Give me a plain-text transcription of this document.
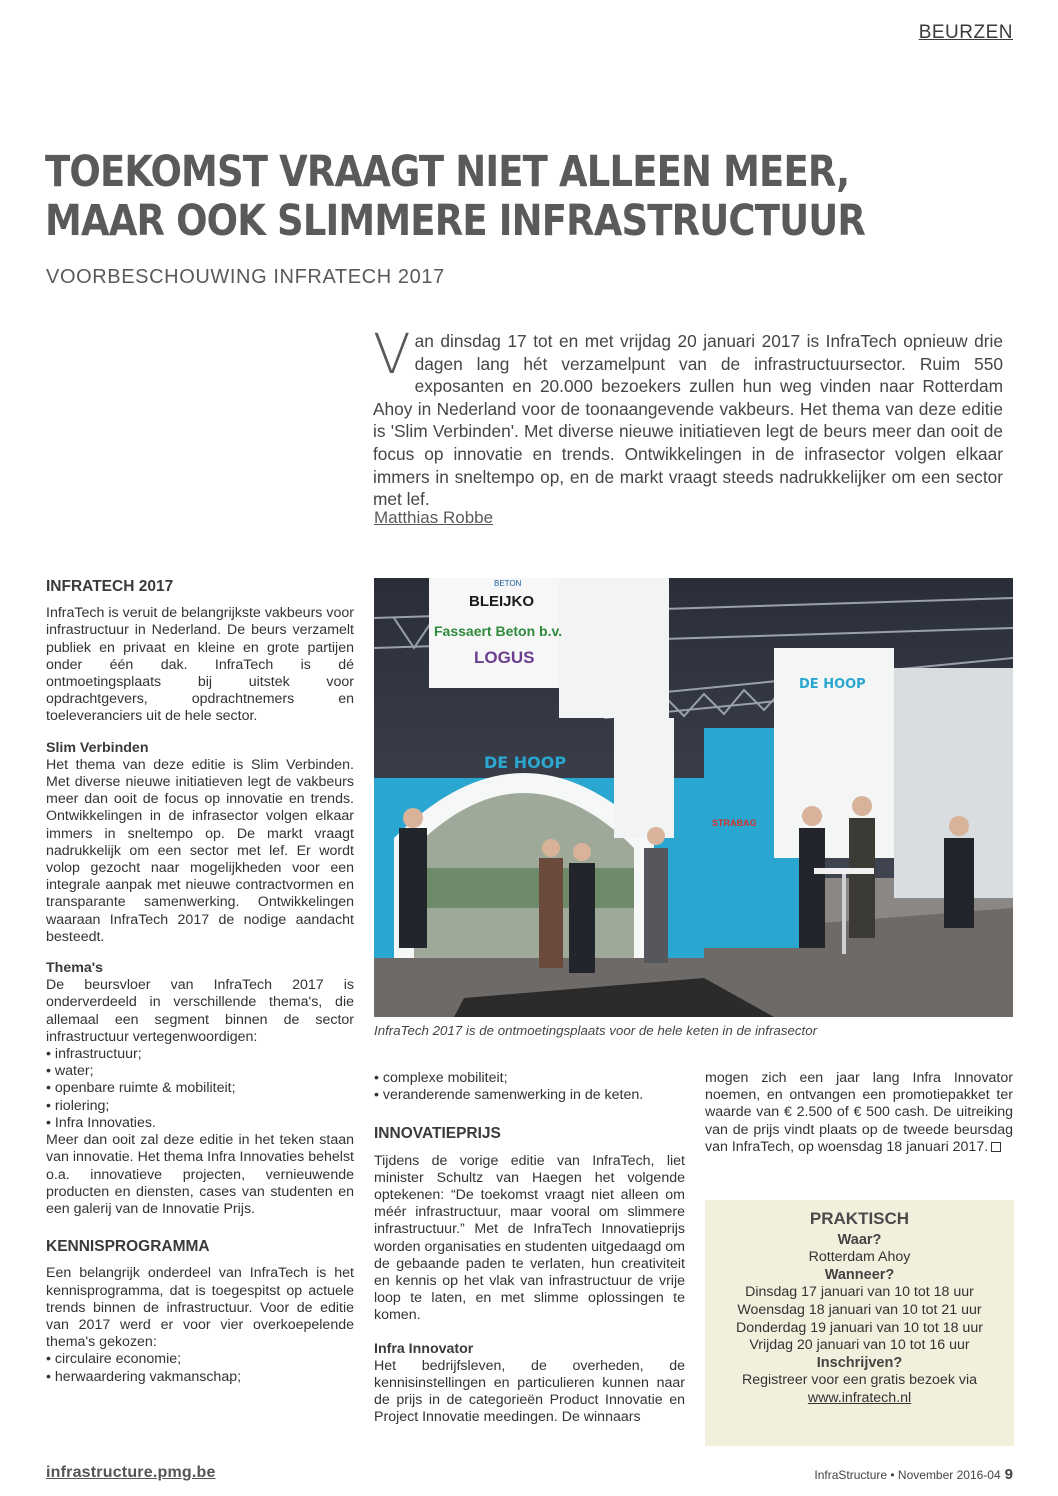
BEURZEN
TOEKOMST VRAAGT NIET ALLEEN MEER,
MAAR OOK SLIMMERE INFRASTRUCTUUR
VOORBESCHOUWING INFRATECH 2017
Van dinsdag 17 tot en met vrijdag 20 januari 2017 is InfraTech opnieuw drie dagen lang hét verzamelpunt van de infrastructuursector. Ruim 550 exposanten en 20.000 bezoekers zullen hun weg vinden naar Rotterdam Ahoy in Nederland voor de toonaangevende vakbeurs. Het thema van deze editie is 'Slim Verbinden'. Met diverse nieuwe initiatieven legt de beurs meer dan ooit de focus op innovatie en trends. Ontwikkelingen in de infrasector volgen elkaar immers in sneltempo op, en de markt vraagt steeds nadrukkelijker om een sector met lef.
Matthias Robbe
INFRATECH 2017

InfraTech is veruit de belangrijkste vakbeurs voor infrastructuur in Nederland. De beurs verzamelt publiek en privaat en kleine en grote partijen onder één dak. InfraTech is dé ontmoetingsplaats bij uitstek voor opdrachtgevers, opdrachtnemers en toeleveranciers uit de hele sector.

Slim Verbinden

Het thema van deze editie is Slim Verbinden. Met diverse nieuwe initiatieven legt de vakbeurs meer dan ooit de focus op innovatie en trends. Ontwikkelingen in de infrasector volgen elkaar immers in sneltempo op. De markt vraagt nadrukkelijk om een sector met lef. Er wordt volop gezocht naar mogelijkheden voor een integrale aanpak met nieuwe contractvormen en transparante samenwerking. Ontwikkelingen waaraan InfraTech 2017 de nodige aandacht besteedt.

Thema's

De beursvloer van InfraTech 2017 is onderverdeeld in verschillende thema's, die allemaal een segment binnen de sector infrastructuur vertegenwoordigen:

• infrastructuur;
• water;
• openbare ruimte & mobiliteit;
• riolering;
• Infra Innovaties.

Meer dan ooit zal deze editie in het teken staan van innovatie. Het thema Infra Innovaties behelst o.a. innovatieve projecten, vernieuwende producten en diensten, cases van studenten en een galerij van de Innovatie Prijs.

KENNISPROGRAMMA

Een belangrijk onderdeel van InfraTech is het kennisprogramma, dat is toegespitst op actuele trends binnen de infrastructuur. Voor de editie van 2017 werd er voor vier overkoepelende thema's gekozen:

• circulaire economie;
• herwaardering vakmanschap;
BLEIJKO
Fassaert Beton b.v.
LOGUS
BETON
DE HOOP
DE HOOP
STRABAG
InfraTech 2017 is de ontmoetingsplaats voor de hele keten in de infrasector
• complexe mobiliteit;
• veranderende samenwerking in de keten.
INNOVATIEPRIJS

Tijdens de vorige editie van InfraTech, liet minister Schultz van Haegen het volgende optekenen: “De toekomst vraagt niet alleen om méér infrastructuur, maar vooral om slimmere infrastructuur.” Met de InfraTech Innovatieprijs worden organisaties en studenten uitgedaagd om de gebaande paden te verlaten, hun creativiteit en kennis op het vlak van infrastructuur de vrije loop te laten, en met slimme oplossingen te komen.

Infra Innovator

Het bedrijfsleven, de overheden, de kennisinstellingen en particulieren kunnen naar de prijs in de categorieën Product Innovatie en Project Innovatie meedingen. De winnaars

mogen zich een jaar lang Infra Innovator noemen, en ontvangen een promotiepakket ter waarde van € 2.500 of € 500 cash. De uitreiking van de prijs vindt plaats op de tweede beursdag van InfraTech, op woensdag 18 januari 2017.

PRAKTISCH
Waar?
Rotterdam Ahoy
Wanneer?
Dinsdag 17 januari van 10 tot 18 uur
Woensdag 18 januari van 10 tot 21 uur
Donderdag 19 januari van 10 tot 18 uur
Vrijdag 20 januari van 10 tot 16 uur
Inschrijven?
Registreer voor een gratis bezoek via
www.infratech.nl
infrastructure.pmg.be	InfraStructure • November 2016-04 9
